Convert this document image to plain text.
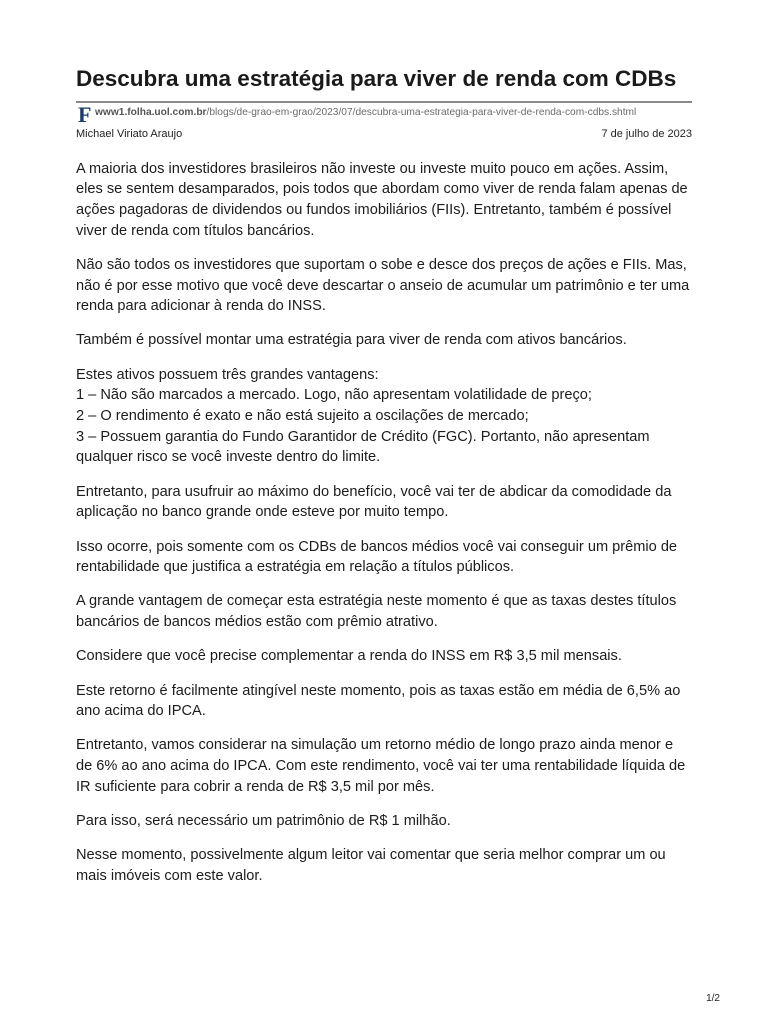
Descubra uma estratégia para viver de renda com CDBs
F www1.folha.uol.com.br/blogs/de-grao-em-grao/2023/07/descubra-uma-estrategia-para-viver-de-renda-com-cdbs.shtml
Michael Viriato Araujo	7 de julho de 2023

A maioria dos investidores brasileiros não investe ou investe muito pouco em ações. Assim, eles se sentem desamparados, pois todos que abordam como viver de renda falam apenas de ações pagadoras de dividendos ou fundos imobiliários (FIIs). Entretanto, também é possível viver de renda com títulos bancários.

Não são todos os investidores que suportam o sobe e desce dos preços de ações e FIIs. Mas, não é por esse motivo que você deve descartar o anseio de acumular um patrimônio e ter uma renda para adicionar à renda do INSS.

Também é possível montar uma estratégia para viver de renda com ativos bancários.

Estes ativos possuem três grandes vantagens:
1 – Não são marcados a mercado. Logo, não apresentam volatilidade de preço;
2 – O rendimento é exato e não está sujeito a oscilações de mercado;
3 – Possuem garantia do Fundo Garantidor de Crédito (FGC). Portanto, não apresentam qualquer risco se você investe dentro do limite.

Entretanto, para usufruir ao máximo do benefício, você vai ter de abdicar da comodidade da aplicação no banco grande onde esteve por muito tempo.

Isso ocorre, pois somente com os CDBs de bancos médios você vai conseguir um prêmio de rentabilidade que justifica a estratégia em relação a títulos públicos.

A grande vantagem de começar esta estratégia neste momento é que as taxas destes títulos bancários de bancos médios estão com prêmio atrativo.

Considere que você precise complementar a renda do INSS em R$ 3,5 mil mensais.

Este retorno é facilmente atingível neste momento, pois as taxas estão em média de 6,5% ao ano acima do IPCA.

Entretanto, vamos considerar na simulação um retorno médio de longo prazo ainda menor e de 6% ao ano acima do IPCA. Com este rendimento, você vai ter uma rentabilidade líquida de IR suficiente para cobrir a renda de R$ 3,5 mil por mês.

Para isso, será necessário um patrimônio de R$ 1 milhão.

Nesse momento, possivelmente algum leitor vai comentar que seria melhor comprar um ou mais imóveis com este valor.

1/2
